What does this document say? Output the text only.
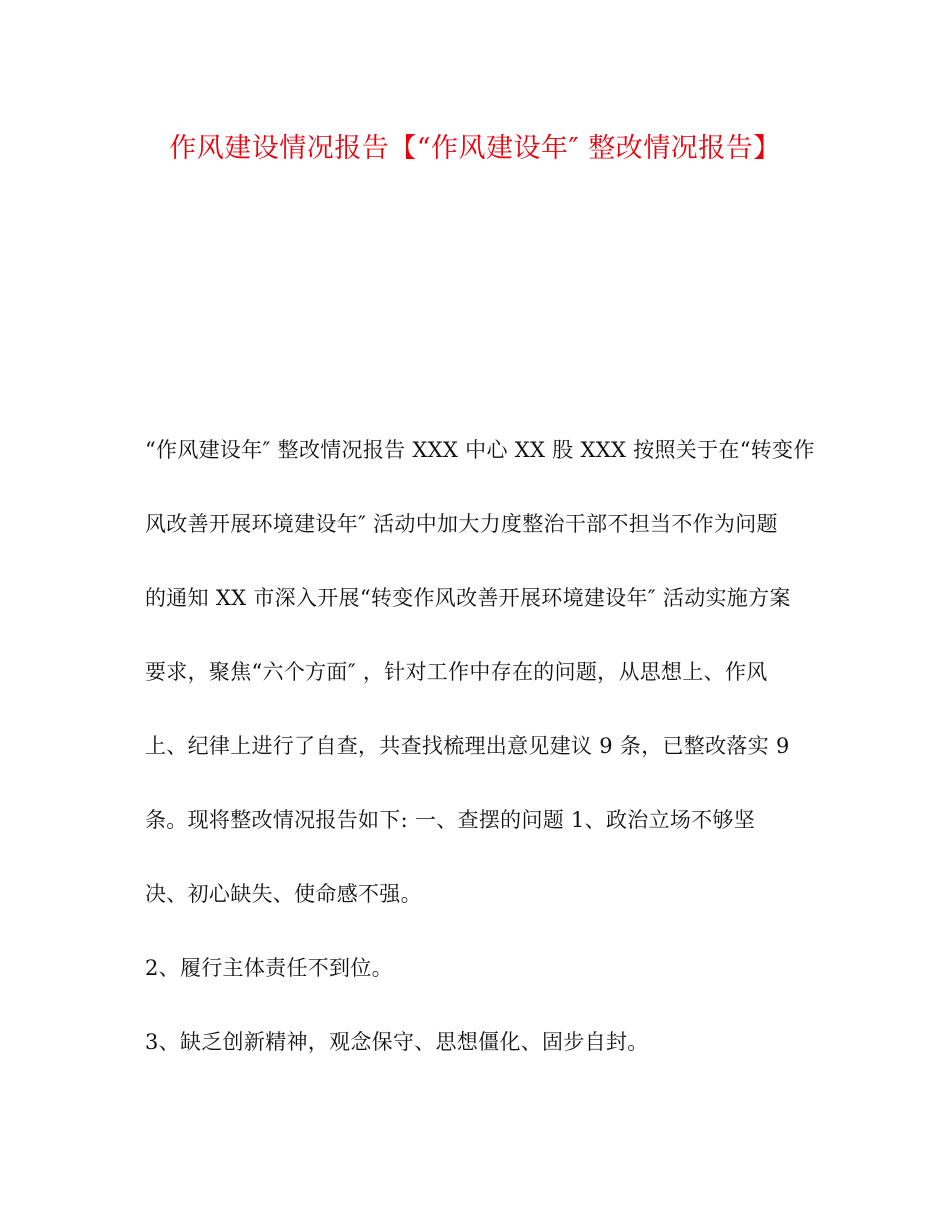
作风建设情况报告【“作风建设年″ 整改情况报告】
“作风建设年″ 整改情况报告 XXX 中心 XX 股 XXX 按照关于在“转变作
风改善开展环境建设年″ 活动中加大力度整治干部不担当不作为问题
的通知 XX 市深入开展“转变作风改善开展环境建设年″ 活动实施方案
要求，聚焦“六个方面″ ，针对工作中存在的问题，从思想上、作风
上、纪律上进行了自查，共查找梳理出意见建议 9 条，已整改落实 9
条。现将整改情况报告如下: 一、查摆的问题 1、政治立场不够坚
决、初心缺失、使命感不强。
2、履行主体责任不到位。
3、缺乏创新精神，观念保守、思想僵化、固步自封。
